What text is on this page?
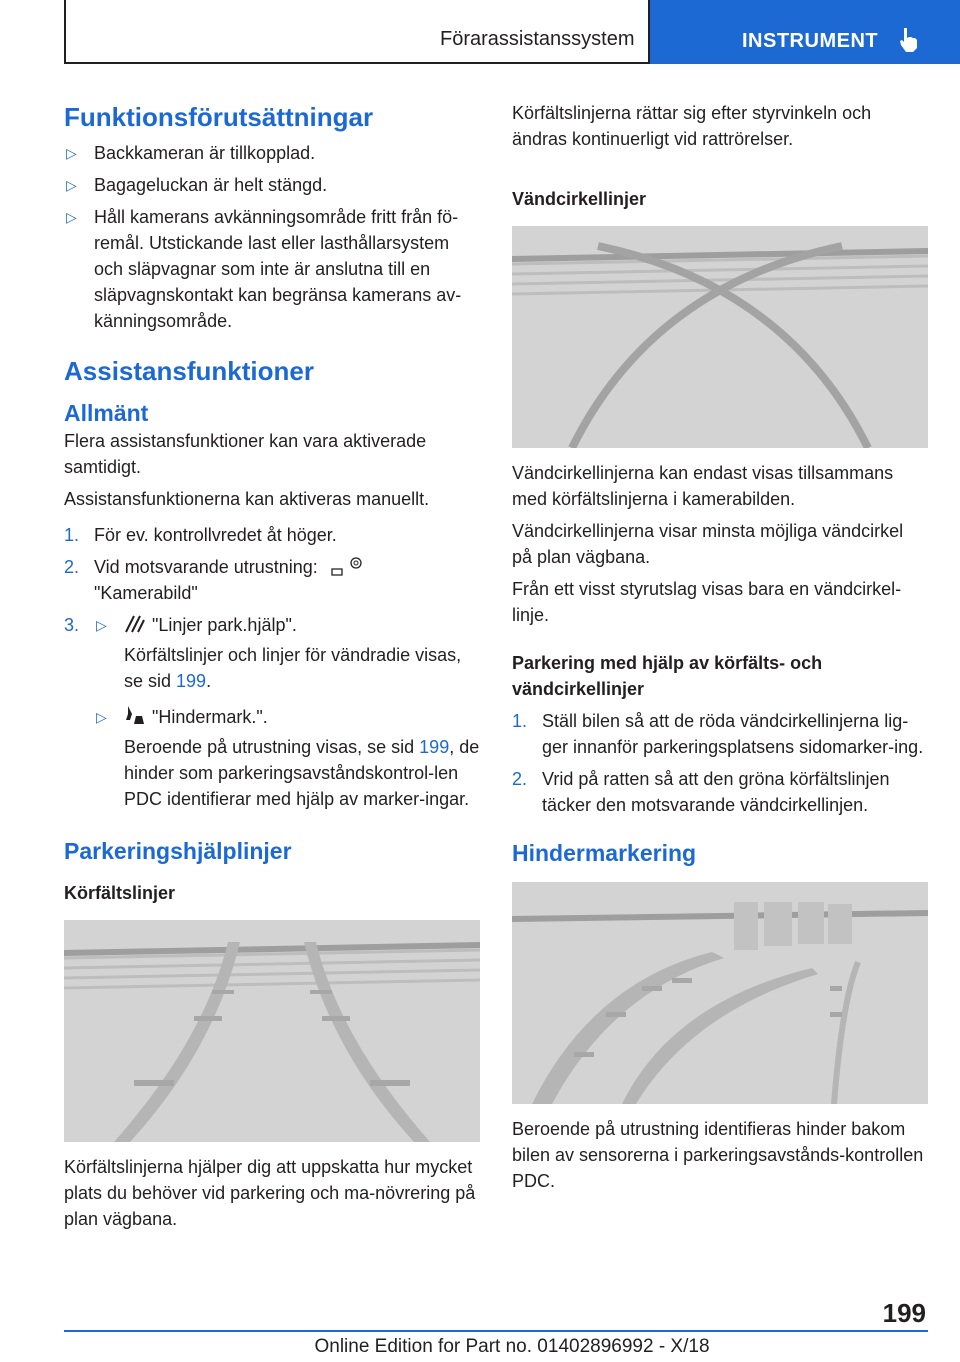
Förarassistanssystem	INSTRUMENT
Funktionsförutsättningar
▷ Backkameran är tillkopplad.
▷ Bagageluckan är helt stängd.
▷ Håll kamerans avkänningsområde fritt från fö-remål. Utstickande last eller lasthållarsystem och släpvagnar som inte är anslutna till en släpvagnskontakt kan begränsa kamerans av-känningsområde.
Assistansfunktioner
Allmänt
Flera assistansfunktioner kan vara aktiverade samtidigt.
Assistansfunktionerna kan aktiveras manuellt.
1. För ev. kontrollvredet åt höger.
2. Vid motsvarande utrustning:
"Kamerabild"
3. ▷	"Linjer park.hjälp".
Körfältslinjer och linjer för vändradie visas, se sid 199.
▷	"Hindermark.".
Beroende på utrustning visas, se sid 199, de hinder som parkeringsavståndskontrol-len PDC identifierar med hjälp av marker-ingar.
Parkeringshjälplinjer
Körfältslinjer
Körfältslinjerna hjälper dig att uppskatta hur mycket plats du behöver vid parkering och ma-növrering på plan vägbana.
Körfältslinjerna rättar sig efter styrvinkeln och ändras kontinuerligt vid rattrörelser.
Vändcirkellinjer
Vändcirkellinjerna kan endast visas tillsammans med körfältslinjerna i kamerabilden.
Vändcirkellinjerna visar minsta möjliga vändcirkel på plan vägbana.
Från ett visst styrutslag visas bara en vändcirkel-linje.
Parkering med hjälp av körfälts- och vändcirkellinjer
1. Ställ bilen så att de röda vändcirkellinjerna lig-ger innanför parkeringsplatsens sidomarker-ing.
2. Vrid på ratten så att den gröna körfältslinjen täcker den motsvarande vändcirkellinjen.
Hindermarkering
Beroende på utrustning identifieras hinder bakom bilen av sensorerna i parkeringsavstånds-kontrollen PDC.
199
Online Edition for Part no. 01402896992 - X/18
